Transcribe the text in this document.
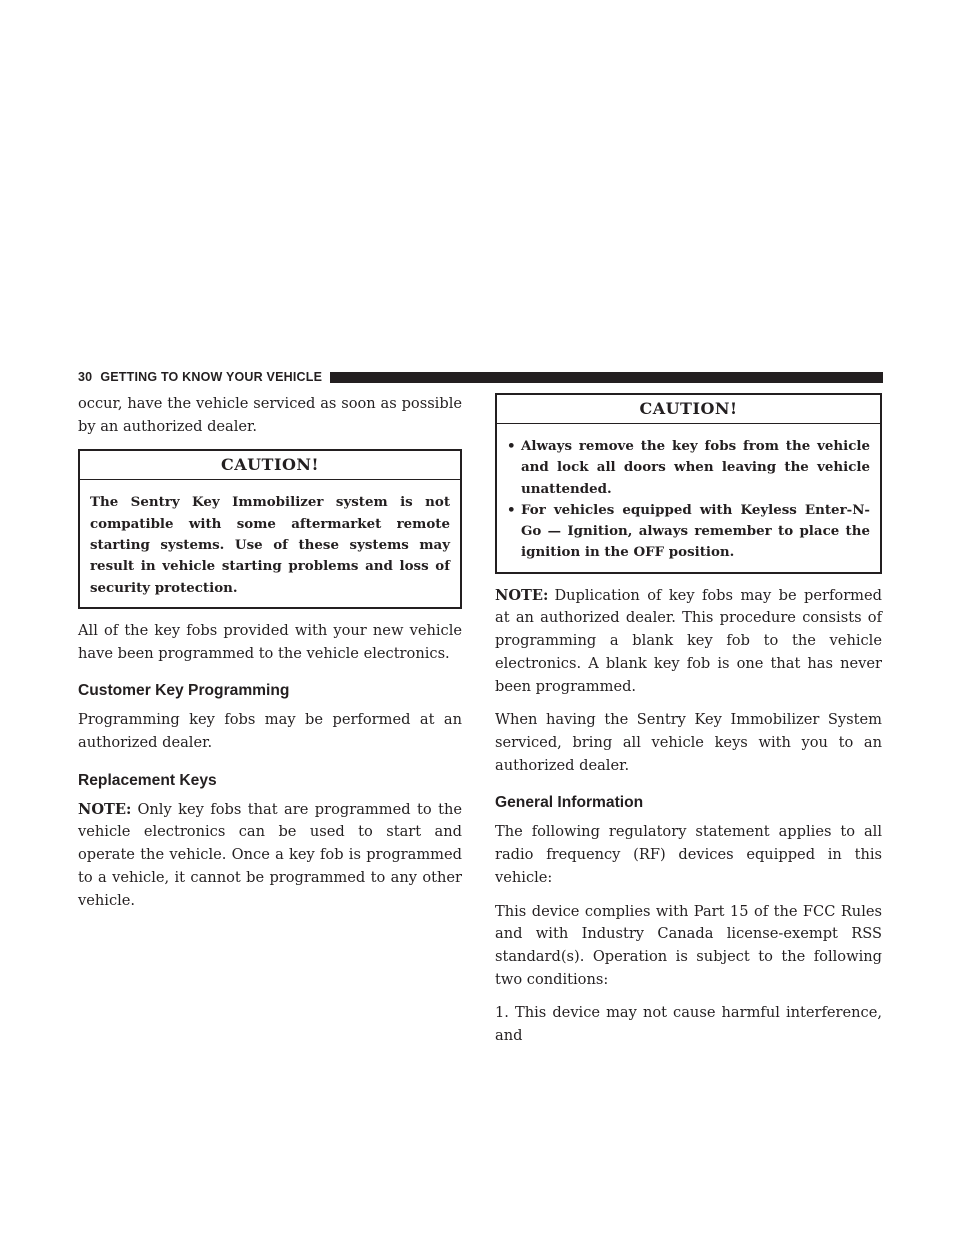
30 GETTING TO KNOW YOUR VEHICLE

occur, have the vehicle serviced as soon as possible by an authorized dealer.

CAUTION!
The Sentry Key Immobilizer system is not compatible with some aftermarket remote starting systems. Use of these systems may result in vehicle starting problems and loss of security protection.

All of the key fobs provided with your new vehicle have been programmed to the vehicle electronics.

Customer Key Programming

Programming key fobs may be performed at an authorized dealer.

Replacement Keys

NOTE: Only key fobs that are programmed to the vehicle electronics can be used to start and operate the vehicle. Once a key fob is programmed to a vehicle, it cannot be programmed to any other vehicle.

CAUTION!
• Always remove the key fobs from the vehicle and lock all doors when leaving the vehicle unattended.
• For vehicles equipped with Keyless Enter-N-Go — Ignition, always remember to place the ignition in the OFF position.

NOTE: Duplication of key fobs may be performed at an authorized dealer. This procedure consists of programming a blank key fob to the vehicle electronics. A blank key fob is one that has never been programmed.

When having the Sentry Key Immobilizer System serviced, bring all vehicle keys with you to an authorized dealer.

General Information

The following regulatory statement applies to all radio frequency (RF) devices equipped in this vehicle:

This device complies with Part 15 of the FCC Rules and with Industry Canada license-exempt RSS standard(s). Operation is subject to the following two conditions:

1. This device may not cause harmful interference, and
